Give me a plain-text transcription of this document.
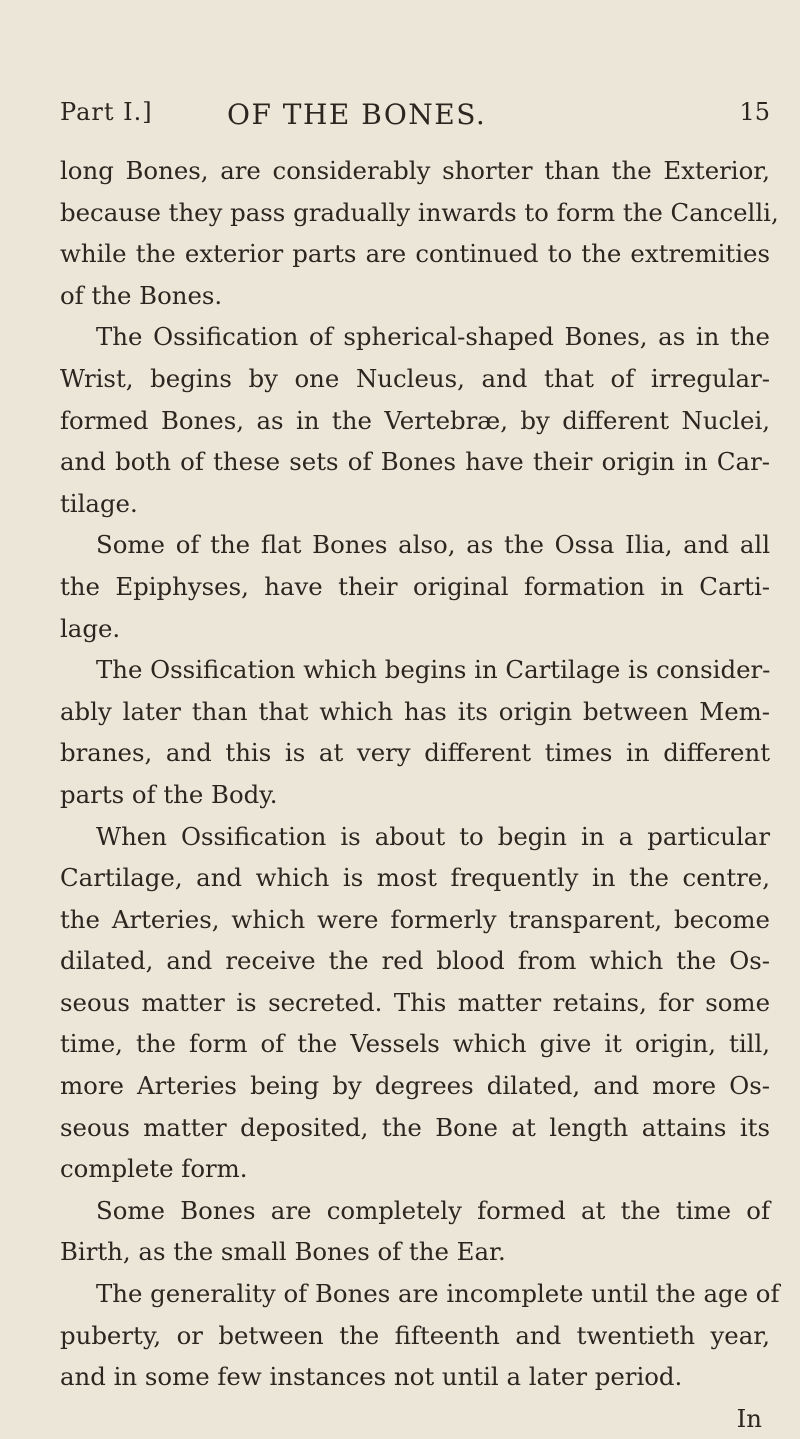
Part I.]	OF THE BONES.	15
long Bones, are considerably shorter than the Exterior,
because they pass gradually inwards to form the Cancelli,
while the exterior parts are continued to the extremities
of the Bones.
The Ossification of spherical-shaped Bones, as in the
Wrist, begins by one Nucleus, and that of irregular-
formed Bones, as in the Vertebræ, by different Nuclei,
and both of these sets of Bones have their origin in Car-
tilage.
Some of the flat Bones also, as the Ossa Ilia, and all
the Epiphyses, have their original formation in Carti-
lage.
The Ossification which begins in Cartilage is consider-
ably later than that which has its origin between Mem-
branes, and this is at very different times in different
parts of the Body.
When Ossification is about to begin in a particular
Cartilage, and which is most frequently in the centre,
the Arteries, which were formerly transparent, become
dilated, and receive the red blood from which the Os-
seous matter is secreted. This matter retains, for some
time, the form of the Vessels which give it origin, till,
more Arteries being by degrees dilated, and more Os-
seous matter deposited, the Bone at length attains its
complete form.
Some Bones are completely formed at the time of
Birth, as the small Bones of the Ear.
The generality of Bones are incomplete until the age of
puberty, or between the fifteenth and twentieth year,
and in some few instances not until a later period.
In
